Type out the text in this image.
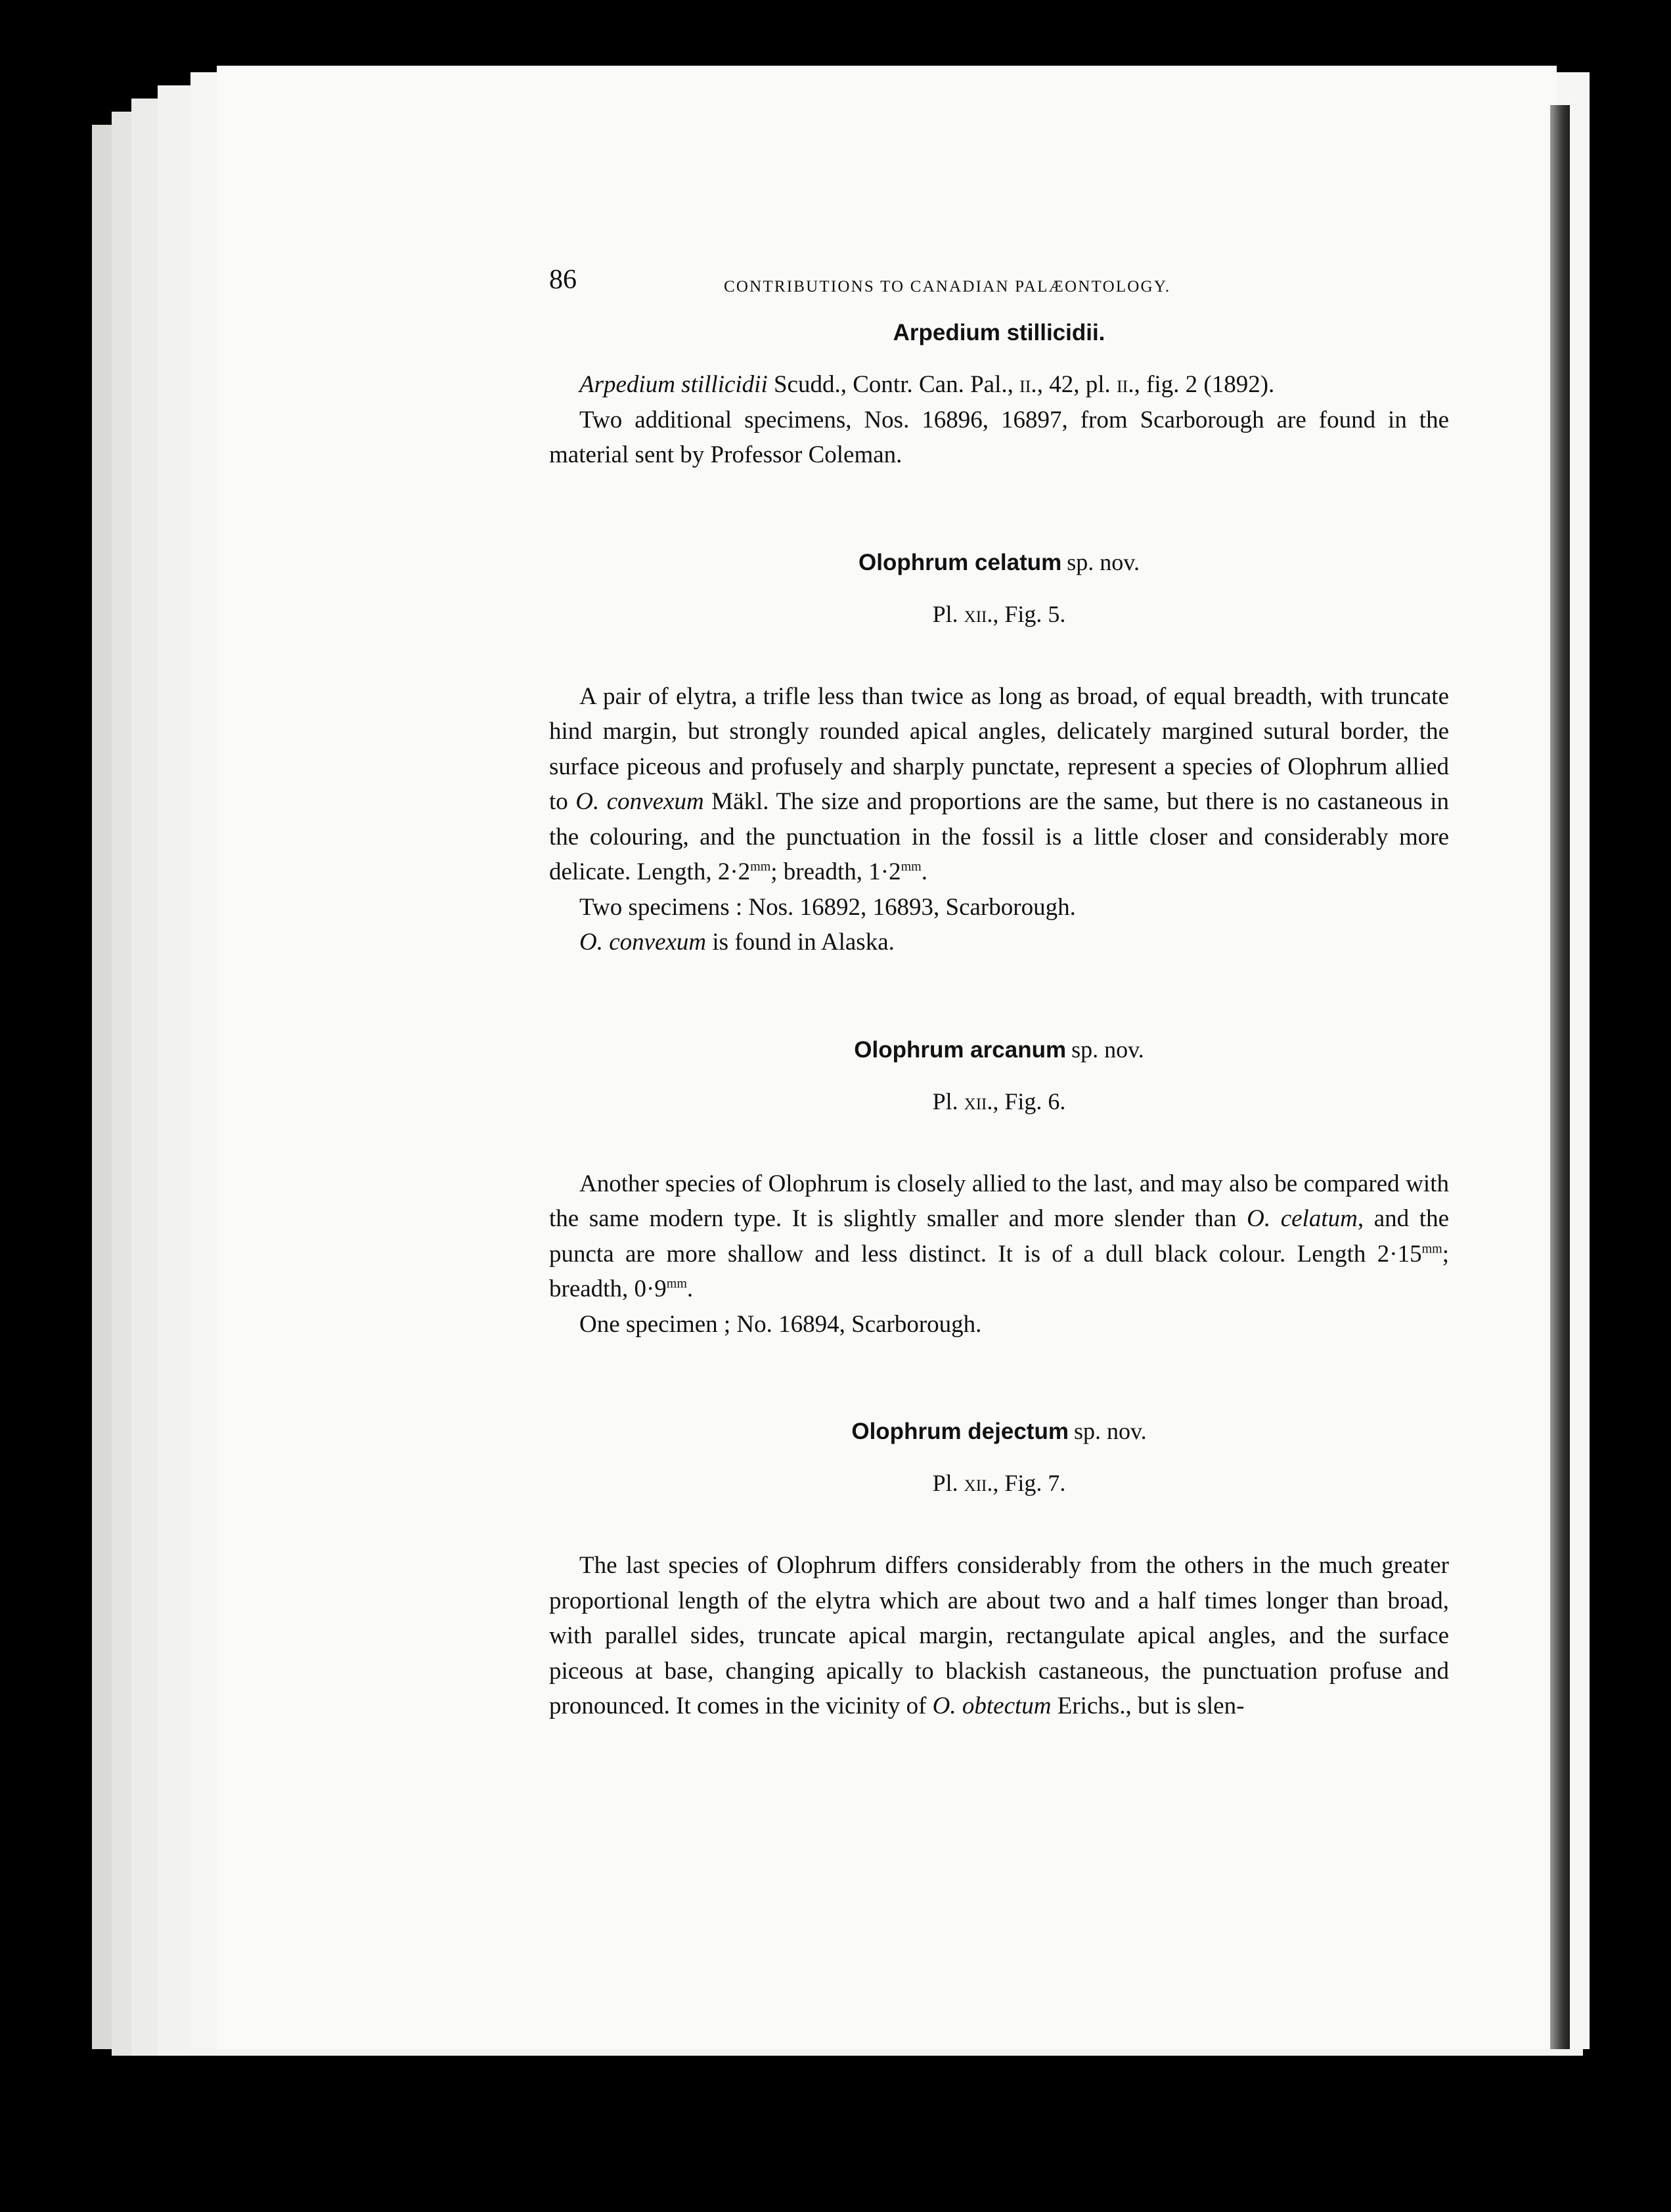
86	CONTRIBUTIONS TO CANADIAN PALÆONTOLOGY.
Arpedium stillicidii.

Arpedium stillicidii Scudd., Contr. Can. Pal., ii., 42, pl. ii., fig. 2 (1892).

Two additional specimens, Nos. 16896, 16897, from Scarborough are found in the material sent by Professor Coleman.

Olophrum celatum sp. nov.

Pl. xii., Fig. 5.

A pair of elytra, a trifle less than twice as long as broad, of equal breadth, with truncate hind margin, but strongly rounded apical angles, delicately margined sutural border, the surface piceous and profusely and sharply punctate, represent a species of Olophrum allied to O. convexum Mäkl. The size and proportions are the same, but there is no castaneous in the colouring, and the punctuation in the fossil is a little closer and considerably more delicate. Length, $2\cdot 2^{mm}$; breadth, $1\cdot 2^{mm}$.

Two specimens : Nos. 16892, 16893, Scarborough.

O. convexum is found in Alaska.

Olophrum arcanum sp. nov.

Pl. xii., Fig. 6.

Another species of Olophrum is closely allied to the last, and may also be compared with the same modern type. It is slightly smaller and more slender than O. celatum, and the puncta are more shallow and less distinct. It is of a dull black colour. Length $2\cdot 15^{mm}$; breadth, $0\cdot 9^{mm}$.

One specimen ; No. 16894, Scarborough.

Olophrum dejectum sp. nov.

Pl. xii., Fig. 7.

The last species of Olophrum differs considerably from the others in the much greater proportional length of the elytra which are about two and a half times longer than broad, with parallel sides, truncate apical margin, rectangulate apical angles, and the surface piceous at base, changing apically to blackish castaneous, the punctuation profuse and pronounced. It comes in the vicinity of O. obtectum Erichs., but is slen-
